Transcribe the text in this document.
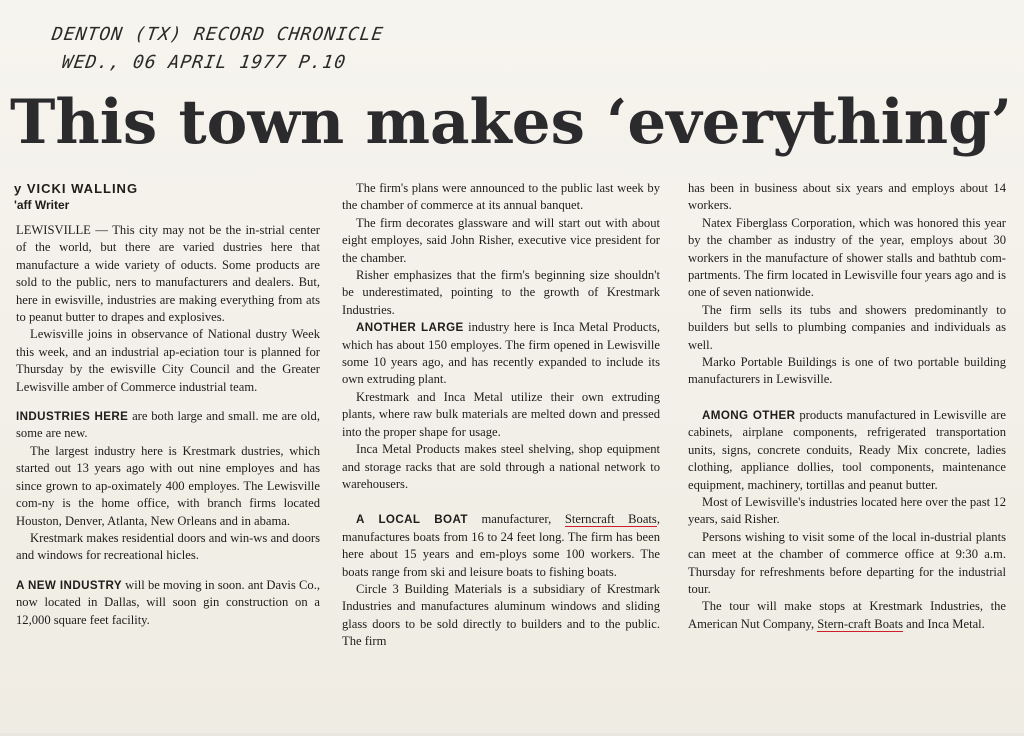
DENTON (TX) RECORD CHRONICLE
WED., 06 APRIL 1977 P.10
This town makes ‘everything’
y VICKI WALLING
'aff Writer

LEWISVILLE — This city may not be the in-strial center of the world, but there are varied dustries here that manufacture a wide variety of oducts. Some products are sold to the public, ners to manufacturers and dealers. But, here in ewisville, industries are making everything from ats to peanut butter to drapes and explosives.

Lewisville joins in observance of National dustry Week this week, and an industrial ap-eciation tour is planned for Thursday by the ewisville City Council and the Greater Lewisville amber of Commerce industrial team.

INDUSTRIES HERE are both large and small. me are old, some are new.

The largest industry here is Krestmark dustries, which started out 13 years ago with out nine employes and has since grown to ap-oximately 400 employes. The Lewisville com-ny is the home office, with branch firms located Houston, Denver, Atlanta, New Orleans and in abama.

Krestmark makes residential doors and win-ws and doors and windows for recreational hicles.

A NEW INDUSTRY will be moving in soon. ant Davis Co., now located in Dallas, will soon gin construction on a 12,000 square feet facility.

The firm's plans were announced to the public last week by the chamber of commerce at its annual banquet.

The firm decorates glassware and will start out with about eight employes, said John Risher, executive vice president for the chamber.

Risher emphasizes that the firm's beginning size shouldn't be underestimated, pointing to the growth of Krestmark Industries.

ANOTHER LARGE industry here is Inca Metal Products, which has about 150 employes. The firm opened in Lewisville some 10 years ago, and has recently expanded to include its own extruding plant.

Krestmark and Inca Metal utilize their own extruding plants, where raw bulk materials are melted down and pressed into the proper shape for usage.

Inca Metal Products makes steel shelving, shop equipment and storage racks that are sold through a national network to warehousers.

A LOCAL BOAT manufacturer, Sterncraft Boats, manufactures boats from 16 to 24 feet long. The firm has been here about 15 years and em-ploys some 100 workers. The boats range from ski and leisure boats to fishing boats.

Circle 3 Building Materials is a subsidiary of Krestmark Industries and manufactures aluminum windows and sliding glass doors to be sold directly to builders and to the public. The firm

has been in business about six years and employs about 14 workers.

Natex Fiberglass Corporation, which was honored this year by the chamber as industry of the year, employs about 30 workers in the manufacture of shower stalls and bathtub com-partments. The firm located in Lewisville four years ago and is one of seven nationwide.

The firm sells its tubs and showers predominantly to builders but sells to plumbing companies and individuals as well.

Marko Portable Buildings is one of two portable building manufacturers in Lewisville.

AMONG OTHER products manufactured in Lewisville are cabinets, airplane components, refrigerated transportation units, signs, concrete conduits, Ready Mix concrete, ladies clothing, appliance dollies, tool components, maintenance equipment, machinery, tortillas and peanut butter.

Most of Lewisville's industries located here over the past 12 years, said Risher.

Persons wishing to visit some of the local in-dustrial plants can meet at the chamber of commerce office at 9:30 a.m. Thursday for refreshments before departing for the industrial tour.

The tour will make stops at Krestmark Industries, the American Nut Company, Stern-craft Boats and Inca Metal.
